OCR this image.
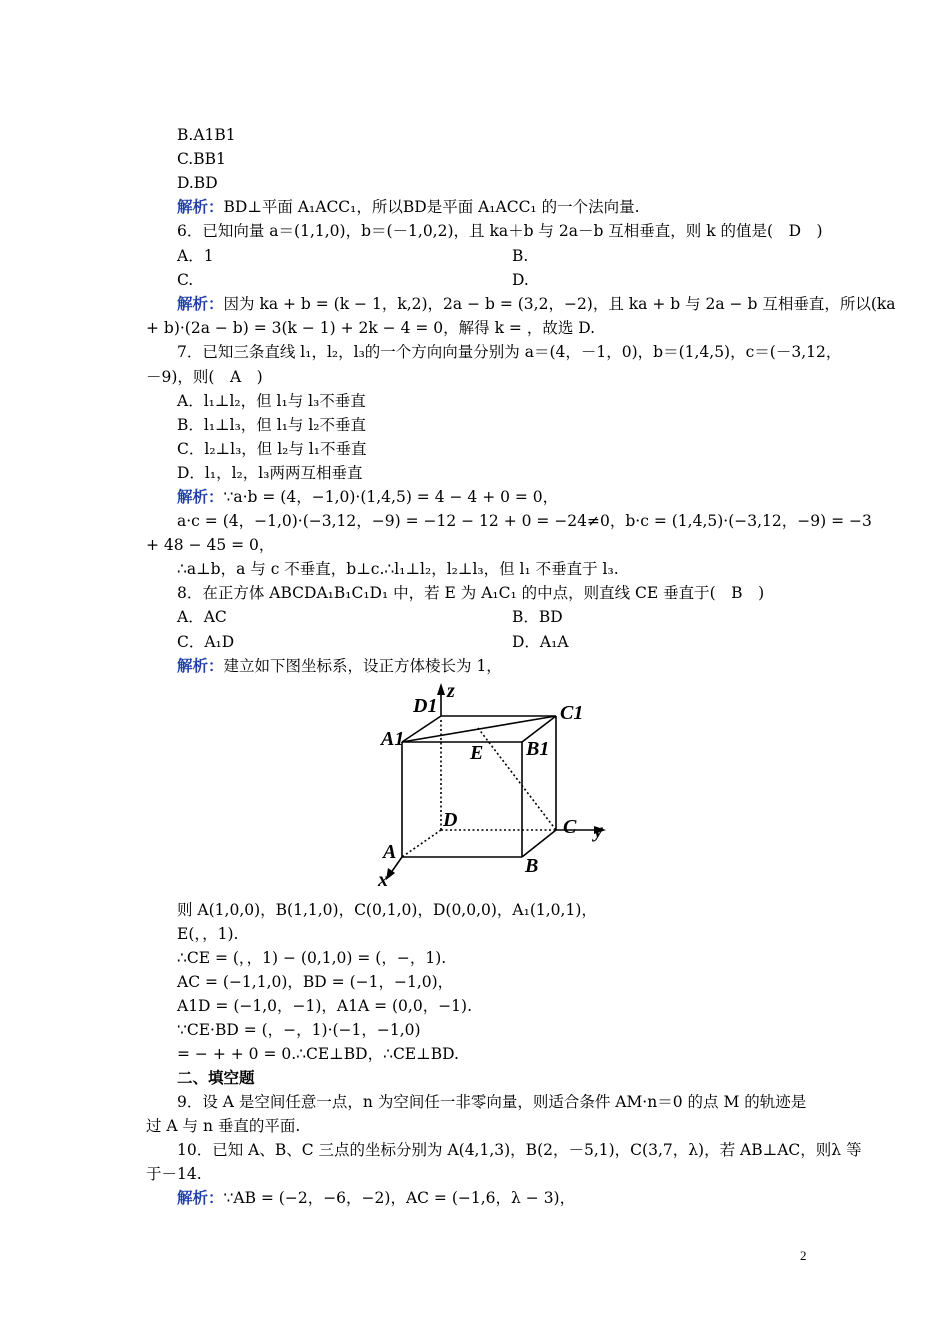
B.A1B1
C.BB1
D.BD
解析：BD⊥平面 A₁ACC₁，所以BD是平面 A₁ACC₁ 的一个法向量.
6．已知向量 a＝(1,1,0)，b＝(－1,0,2)，且 ka＋b 与 2a－b 互相垂直，则 k 的值是(　D　)
A．1	B.
C.	D.
解析：因为 ka + b = (k − 1，k,2)，2a − b = (3,2，−2)，且 ka + b 与 2a − b 互相垂直，所以(ka
+ b)·(2a − b) = 3(k − 1) + 2k − 4 = 0，解得 k = ，故选 D.
7．已知三条直线 l₁，l₂，l₃的一个方向向量分别为 a＝(4，－1，0)，b＝(1,4,5)，c＝(－3,12，
－9)，则(　A　)
A．l₁⊥l₂，但 l₁与 l₃不垂直
B．l₁⊥l₃，但 l₁与 l₂不垂直
C．l₂⊥l₃，但 l₂与 l₁不垂直
D．l₁，l₂，l₃两两互相垂直
解析：∵a·b = (4，−1,0)·(1,4,5) = 4 − 4 + 0 = 0，
a·c = (4，−1,0)·(−3,12，−9) = −12 − 12 + 0 = −24≠0，b·c = (1,4,5)·(−3,12，−9) = −3
+ 48 − 45 = 0，
∴a⊥b，a 与 c 不垂直，b⊥c.∴l₁⊥l₂，l₂⊥l₃，但 l₁ 不垂直于 l₃.
8．在正方体 ABCDA₁B₁C₁D₁ 中，若 E 为 A₁C₁ 的中点，则直线 CE 垂直于(　B　)
A．AC	B．BD
C．A₁D	D．A₁A
解析：建立如下图坐标系，设正方体棱长为 1，
则 A(1,0,0)，B(1,1,0)，C(0,1,0)，D(0,0,0)，A₁(1,0,1)，
E(，，1).
∴CE = (，，1) − (0,1,0) = (，−，1).
AC = (−1,1,0)，BD = (−1，−1,0)，
A1D = (−1,0，−1)，A1A = (0,0，−1).
∵CE·BD = (，−，1)·(−1，−1,0)
= − + + 0 = 0.∴CE⊥BD，∴CE⊥BD.
二、填空题
9．设 A 是空间任意一点，n 为空间任一非零向量，则适合条件 AM·n＝0 的点 M 的轨迹是
过 A 与 n 垂直的平面.
10．已知 A、B、C 三点的坐标分别为 A(4,1,3)，B(2，－5,1)，C(3,7，λ)，若 AB⊥AC，则λ 等
于－14.
解析：∵AB = (−2，−6，−2)，AC = (−1,6，λ − 3)，
D1
z
C1
A1
E B1
D	C y
A
B
x
2
